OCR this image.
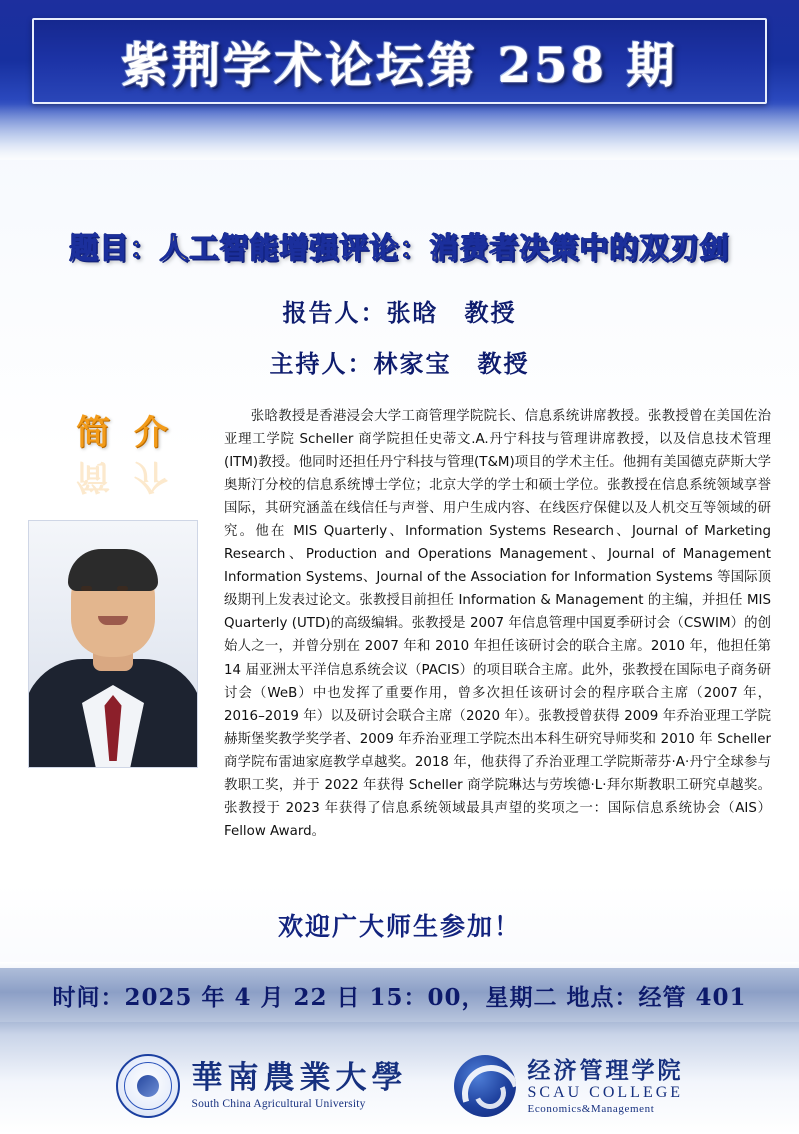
紫荆学术论坛第 258 期
题目：人工智能增强评论：消费者决策中的双刃剑
报告人：张晗　教授
主持人：林家宝　教授
简 介
简 介
张晗教授是香港浸会大学工商管理学院院长、信息系统讲席教授。张教授曾在美国佐治亚理工学院 Scheller 商学院担任史蒂文.A.丹宁科技与管理讲席教授，以及信息技术管理(ITM)教授。他同时还担任丹宁科技与管理(T&M)项目的学术主任。他拥有美国德克萨斯大学奥斯汀分校的信息系统博士学位；北京大学的学士和硕士学位。张教授在信息系统领域享誉国际，其研究涵盖在线信任与声誉、用户生成内容、在线医疗保健以及人机交互等领域的研究。他在 MIS Quarterly、Information Systems Research、Journal of Marketing Research、Production and Operations Management、Journal of Management Information Systems、Journal of the Association for Information Systems 等国际顶级期刊上发表过论文。张教授目前担任 Information & Management 的主编，并担任 MIS Quarterly (UTD)的高级编辑。张教授是 2007 年信息管理中国夏季研讨会（CSWIM）的创始人之一，并曾分别在 2007 年和 2010 年担任该研讨会的联合主席。2010 年，他担任第 14 届亚洲太平洋信息系统会议（PACIS）的项目联合主席。此外，张教授在国际电子商务研讨会（WeB）中也发挥了重要作用，曾多次担任该研讨会的程序联合主席（2007 年，2016–2019 年）以及研讨会联合主席（2020 年）。张教授曾获得 2009 年乔治亚理工学院赫斯堡奖教学奖学者、2009 年乔治亚理工学院杰出本科生研究导师奖和 2010 年 Scheller 商学院布雷迪家庭教学卓越奖。2018 年，他获得了乔治亚理工学院斯蒂芬·A·丹宁全球参与教职工奖，并于 2022 年获得 Scheller 商学院琳达与劳埃德·L·拜尔斯教职工研究卓越奖。张教授于 2023 年获得了信息系统领域最具声望的奖项之一：国际信息系统协会（AIS）Fellow Award。
欢迎广大师生参加！
时间：2025 年 4 月 22 日 15：00，星期二 地点：经管 401
華南農業大學
South China Agricultural University
经济管理学院
SCAU COLLEGE
Economics&Management
